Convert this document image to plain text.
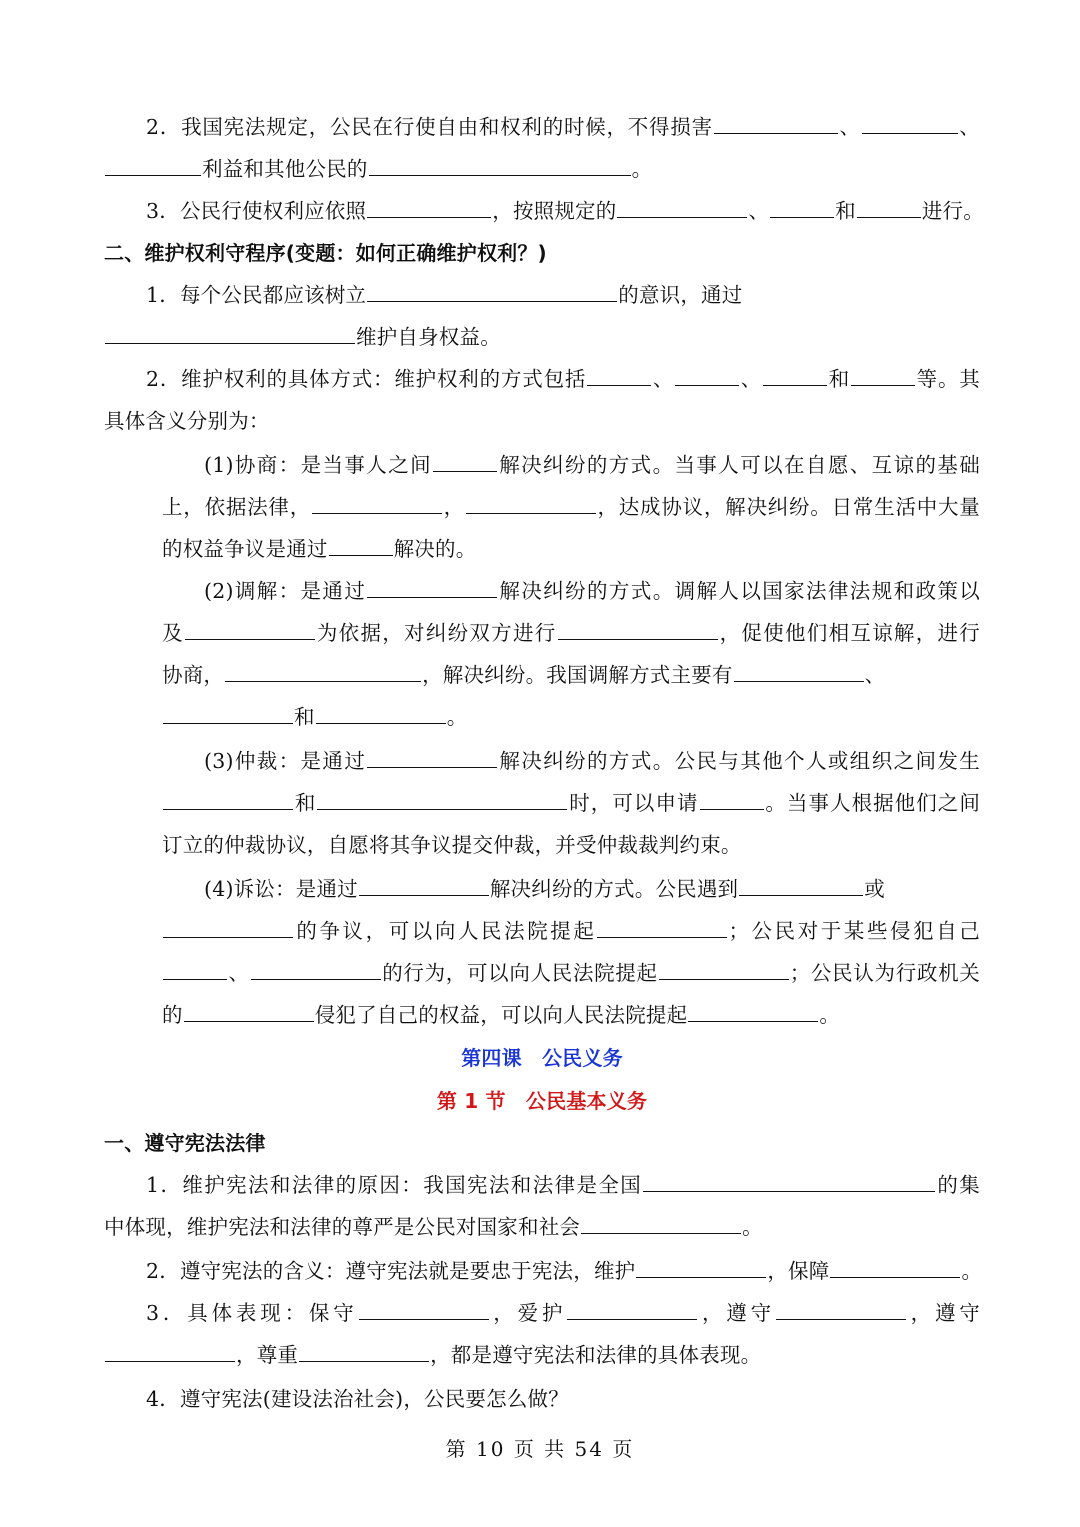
2．我国宪法规定，公民在行使自由和权利的时候，不得损害	、	、
利益和其他公民的	。
3．公民行使权利应依照	，按照规定的	、	和	进行。
二、维护权利守程序(变题：如何正确维护权利？)
1．每个公民都应该树立	的意识，通过
维护自身权益。
2．维护权利的具体方式：维护权利的方式包括	、	、	和	等。其
具体含义分别为：
(1)协商：是当事人之间	解决纠纷的方式。当事人可以在自愿、互谅的基础
上，依据法律，	，	，达成协议，解决纠纷。日常生活中大量
的权益争议是通过	解决的。
(2)调解：是通过	解决纠纷的方式。调解人以国家法律法规和政策以
及	为依据，对纠纷双方进行	，促使他们相互谅解，进行
协商，	，解决纠纷。我国调解方式主要有	、
和	。
(3)仲裁：是通过	解决纠纷的方式。公民与其他个人或组织之间发生
和	时，可以申请	。当事人根据他们之间
订立的仲裁协议，自愿将其争议提交仲裁，并受仲裁裁判约束。
(4)诉讼：是通过	解决纠纷的方式。公民遇到	或
的争议，可以向人民法院提起	；公民对于某些侵犯自己
、	的行为，可以向人民法院提起	；公民认为行政机关
的	侵犯了自己的权益，可以向人民法院提起	。
第四课　公民义务
第 1 节　公民基本义务
一、遵守宪法法律
1．维护宪法和法律的原因：我国宪法和法律是全国	的集
中体现，维护宪法和法律的尊严是公民对国家和社会	。
2．遵守宪法的含义：遵守宪法就是要忠于宪法，维护	，保障	。
3．具体表现：保守	，爱护	，遵守	，遵守
，尊重	，都是遵守宪法和法律的具体表现。
4．遵守宪法(建设法治社会)，公民要怎么做？
第 10 页 共 54 页
